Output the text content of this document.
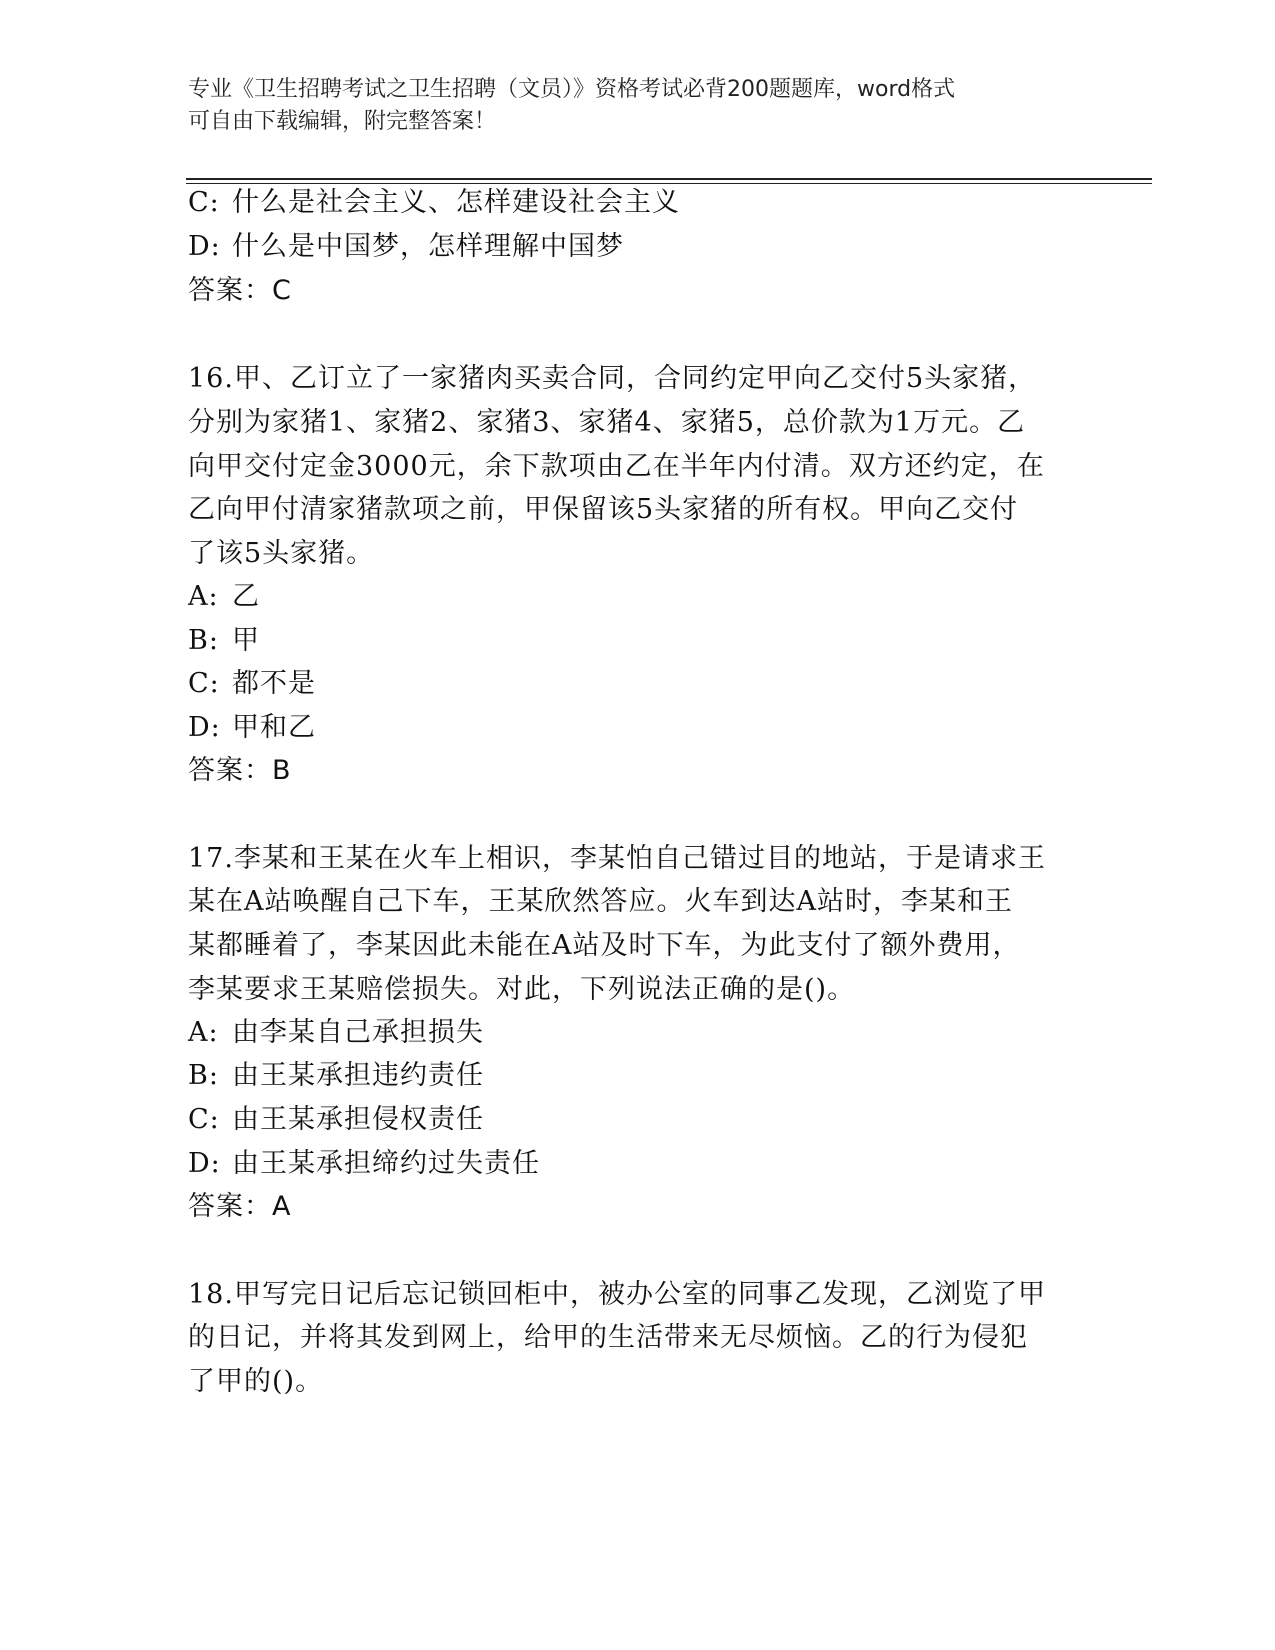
专业《卫生招聘考试之卫生招聘（文员）》资格考试必背200题题库，word格式
可自由下载编辑，附完整答案！
C: 什么是社会主义、怎样建设社会主义
D: 什么是中国梦，怎样理解中国梦
答案：C
16.甲、乙订立了一家猪肉买卖合同，合同约定甲向乙交付5头家猪，
分别为家猪1、家猪2、家猪3、家猪4、家猪5，总价款为1万元。乙
向甲交付定金3000元，余下款项由乙在半年内付清。双方还约定，在
乙向甲付清家猪款项之前，甲保留该5头家猪的所有权。甲向乙交付
了该5头家猪。
A: 乙
B: 甲
C: 都不是
D: 甲和乙
答案：B
17.李某和王某在火车上相识，李某怕自己错过目的地站，于是请求王
某在A站唤醒自己下车，王某欣然答应。火车到达A站时，李某和王
某都睡着了，李某因此未能在A站及时下车，为此支付了额外费用，
李某要求王某赔偿损失。对此，下列说法正确的是()。
A: 由李某自己承担损失
B: 由王某承担违约责任
C: 由王某承担侵权责任
D: 由王某承担缔约过失责任
答案：A
18.甲写完日记后忘记锁回柜中，被办公室的同事乙发现，乙浏览了甲
的日记，并将其发到网上，给甲的生活带来无尽烦恼。乙的行为侵犯
了甲的()。
